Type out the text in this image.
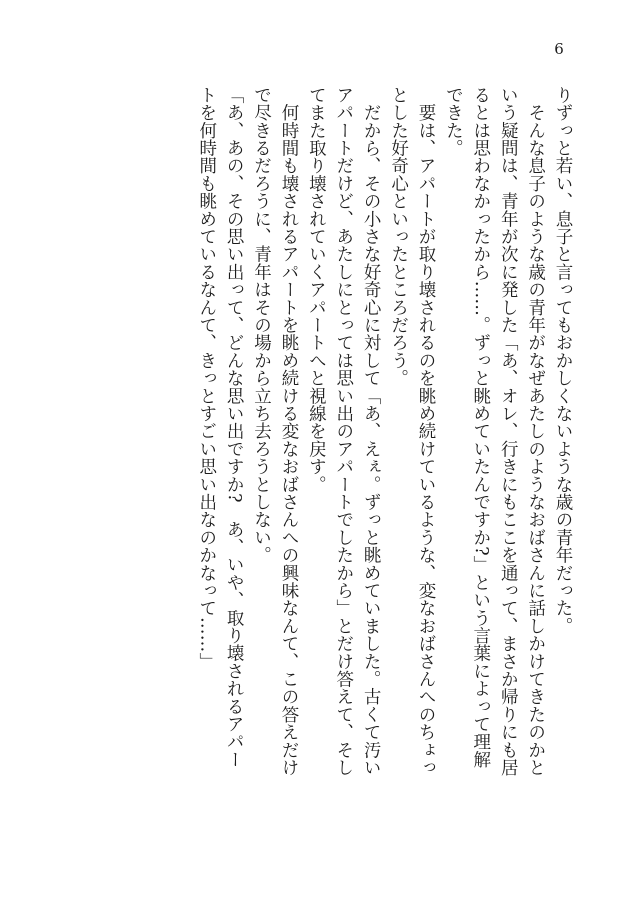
6
りずっと若い、息子と言ってもおかしくないような歳の青年だった。
　そんな息子のような歳の青年がなぜあたしのようなおばさんに話しかけてきたのかと
いう疑問は、青年が次に発した「あ、オレ、行きにもここを通って、まさか帰りにも居
るとは思わなかったから……。ずっと眺めていたんですか?」という言葉によって理解
できた。
　要は、アパートが取り壊されるのを眺め続けているような、変なおばさんへのちょっ
とした好奇心といったところだろう。
　だから、その小さな好奇心に対して「あ、えぇ。ずっと眺めていました。古くて汚い
アパートだけど、あたしにとっては思い出のアパートでしたから」とだけ答えて、そし
てまた取り壊されていくアパートへと視線を戻す。
　何時間も壊されるアパートを眺め続ける変なおばさんへの興味なんて、この答えだけ
で尽きるだろうに、青年はその場から立ち去ろうとしない。
「あ、あの、その思い出って、どんな思い出ですか?　あ、いや、取り壊されるアパー
トを何時間も眺めているなんて、きっとすごい思い出なのかなって……」
